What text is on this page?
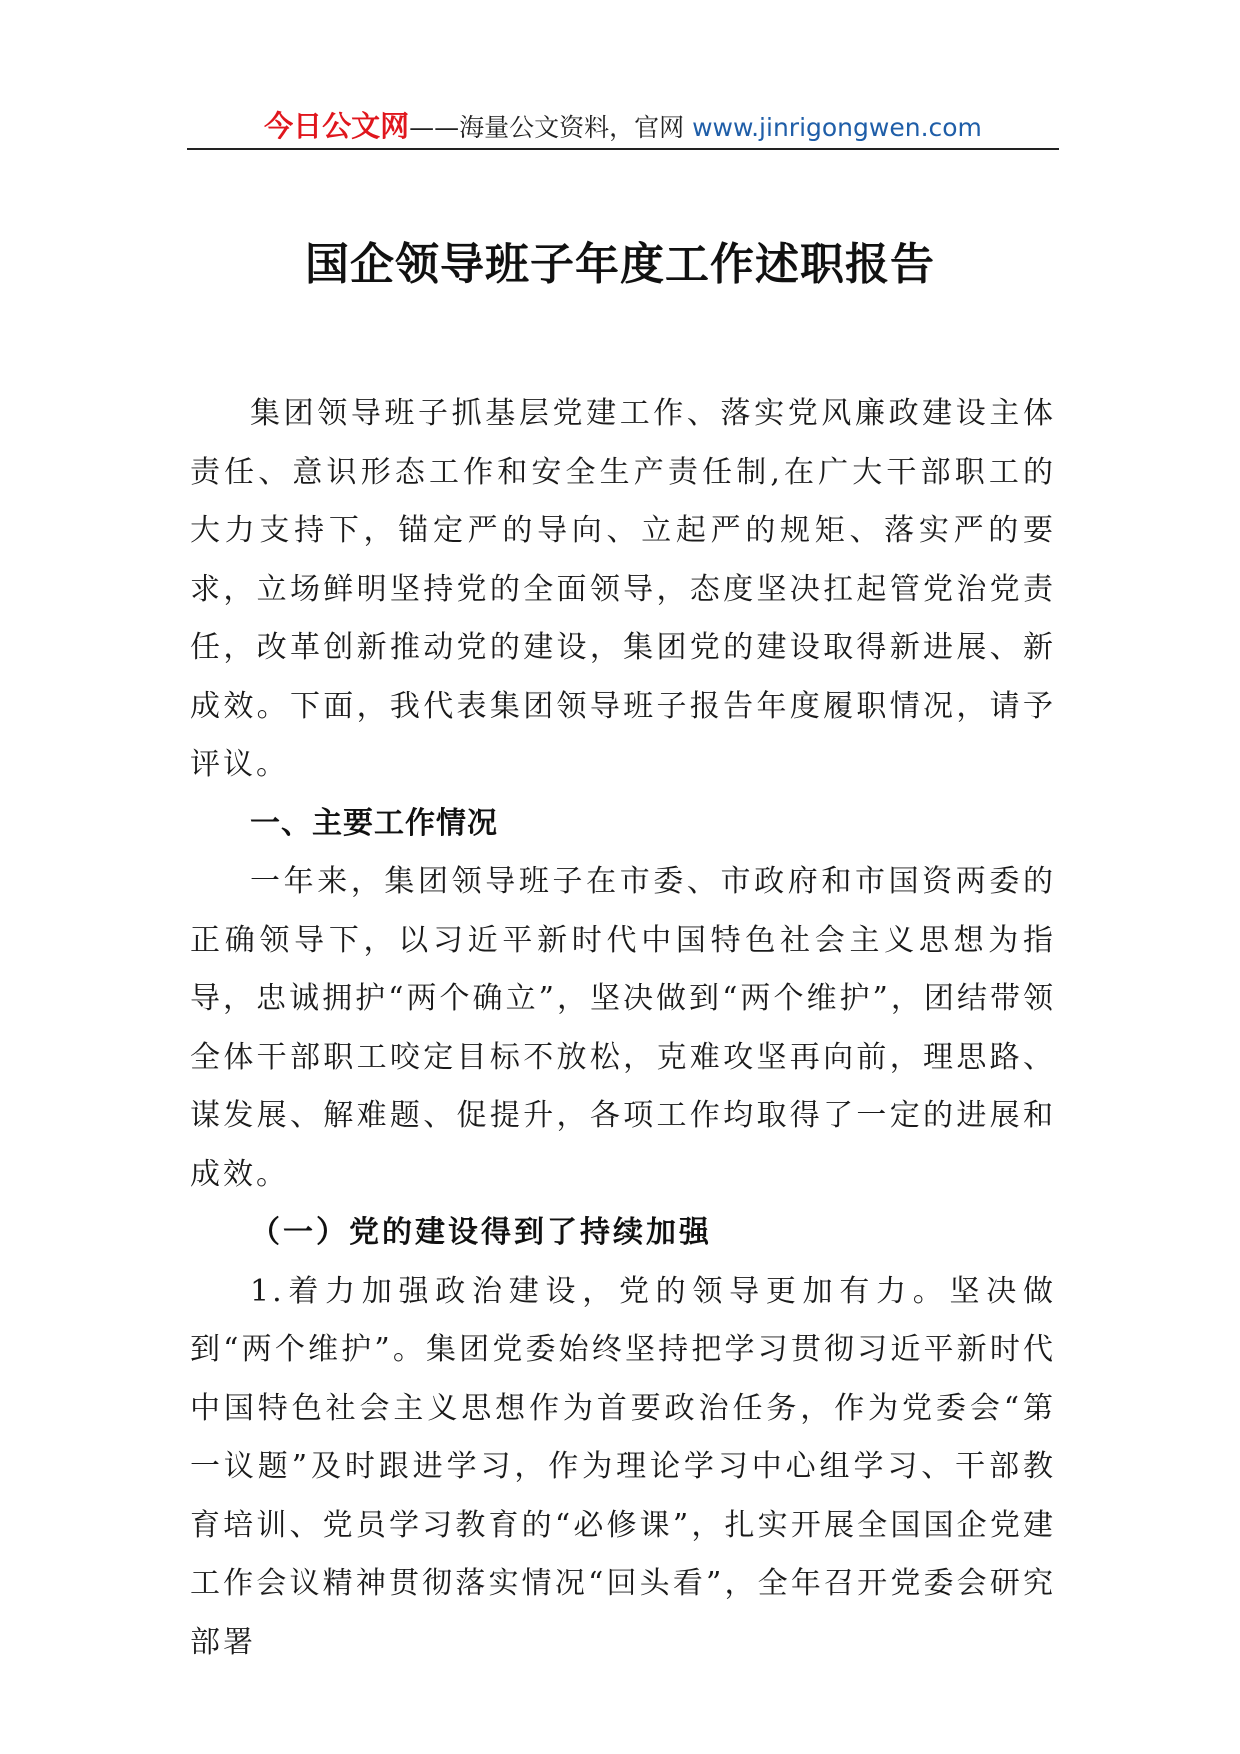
今日公文网——海量公文资料，官网 www.jinrigongwen.com
国企领导班子年度工作述职报告

集团领导班子抓基层党建工作、落实党风廉政建设主体责任、意识形态工作和安全生产责任制,在广大干部职工的大力支持下，锚定严的导向、立起严的规矩、落实严的要求，立场鲜明坚持党的全面领导，态度坚决扛起管党治党责任，改革创新推动党的建设，集团党的建设取得新进展、新成效。下面，我代表集团领导班子报告年度履职情况，请予评议。

一、主要工作情况

一年来，集团领导班子在市委、市政府和市国资两委的正确领导下，以习近平新时代中国特色社会主义思想为指导，忠诚拥护“两个确立”，坚决做到“两个维护”，团结带领全体干部职工咬定目标不放松，克难攻坚再向前，理思路、谋发展、解难题、促提升，各项工作均取得了一定的进展和成效。

（一）党的建设得到了持续加强

1.着力加强政治建设，党的领导更加有力。坚决做到“两个维护”。集团党委始终坚持把学习贯彻习近平新时代中国特色社会主义思想作为首要政治任务，作为党委会“第一议题”及时跟进学习，作为理论学习中心组学习、干部教育培训、党员学习教育的“必修课”，扎实开展全国国企党建工作会议精神贯彻落实情况“回头看”，全年召开党委会研究部署
